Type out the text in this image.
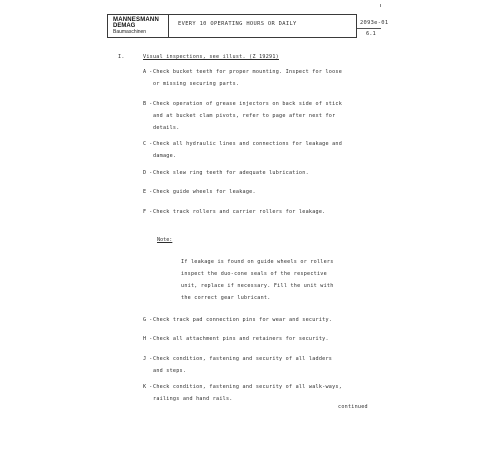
MANNESMANN
DEMAG
Baumaschinen
EVERY 10 OPERATING HOURS OR DAILY	2093e-01
6.1
I.	Visual inspections, see illust. (Z 19291)
A - Check bucket teeth for proper mounting. Inspect for loose
or missing securing parts.
B - Check operation of grease injectors on back side of stick
and at bucket clam pivots, refer to page after next for
details.
C - Check all hydraulic lines and connections for leakage and
damage.
D - Check slew ring teeth for adequate lubrication.
E - Check guide wheels for leakage.
F - Check track rollers and carrier rollers for leakage.
Note:
If leakage is found on guide wheels or rollers
inspect the duo-cone seals of the respective
unit, replace if necessary. Fill the unit with
the correct gear lubricant.
G - Check track pad connection pins for wear and security.
H - Check all attachment pins and retainers for security.
J - Check condition, fastening and security of all ladders
and steps.
K - Check condition, fastening and security of all walk-ways,
railings and hand rails.
continued
